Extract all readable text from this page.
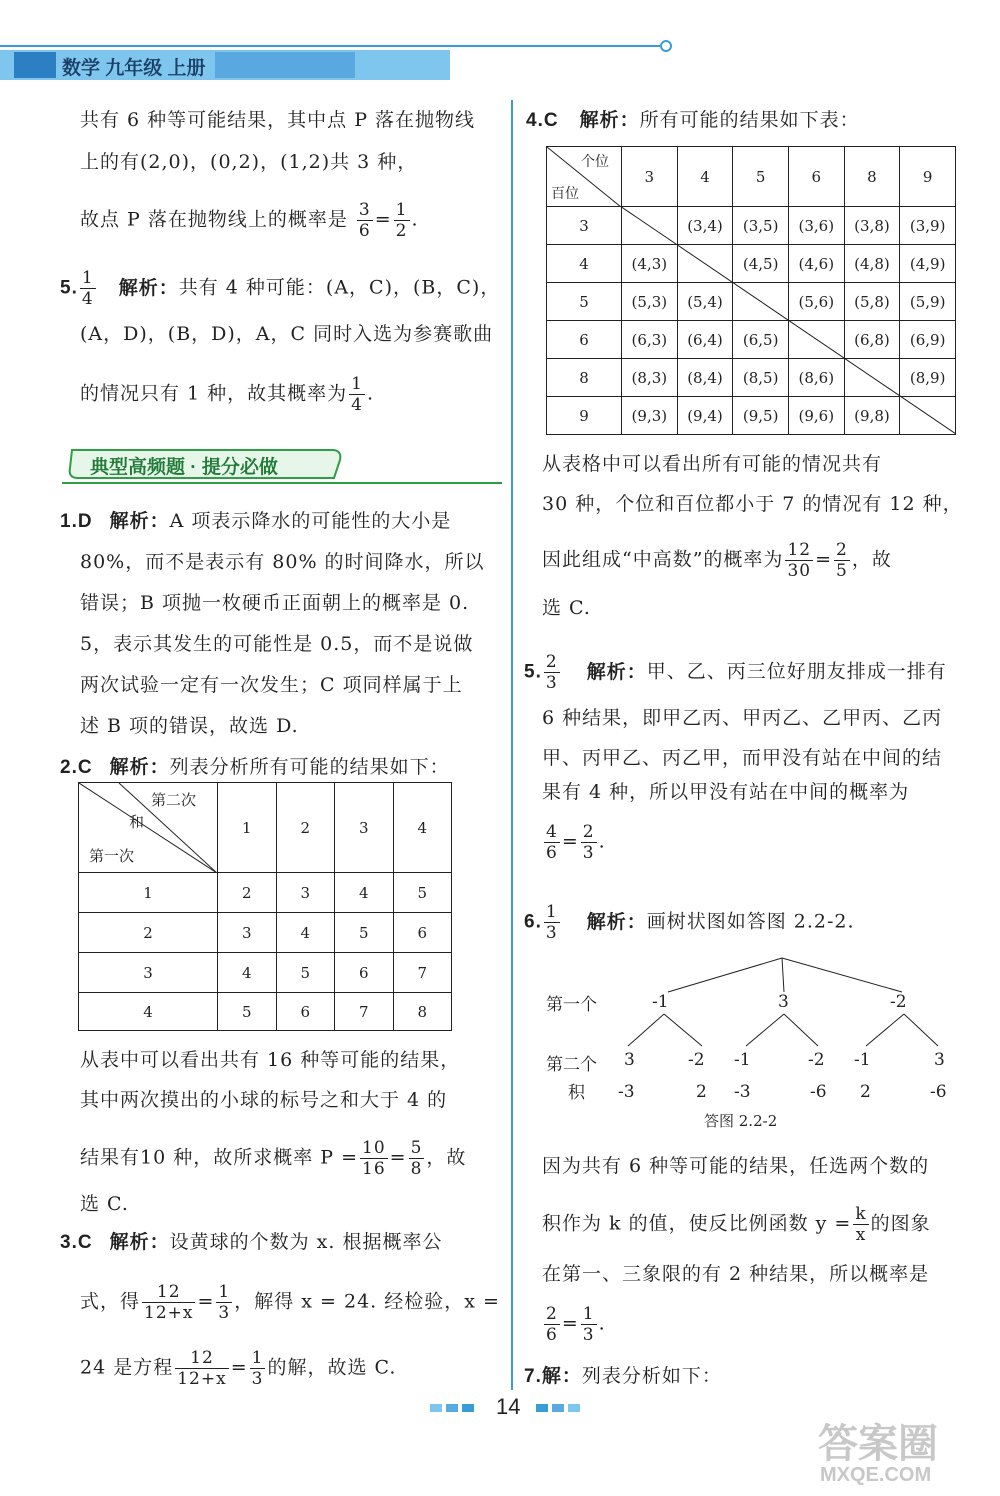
数学 九年级 上册
共有 6 种等可能结果，其中点 P 落在抛物线
上的有(2,0)，(0,2)，(1,2)共 3 种，
故点 P 落在抛物线上的概率是 $\frac{3}{6} = \frac{1}{2}$ .
5. $\frac{1}{4}$ 解析：共有 4 种可能：(A，C)，(B，C)，
(A，D)，(B，D)，A，C 同时入选为参赛歌曲
的情况只有 1 种，故其概率为 $\frac{1}{4}$ .
典型高频题 · 提分必做
1.D 解析：A 项表示降水的可能性的大小是
80%，而不是表示有 80% 的时间降水，所以
错误；B 项抛一枚硬币正面朝上的概率是 0.
5，表示其发生的可能性是 0.5，而不是说做
两次试验一定有一次发生；C 项同样属于上
述 B 项的错误，故选 D.
2.C 解析：列表分析所有可能的结果如下：
第二次
和
第一次	1	2	3	4
1	2	3	4	5
2	3	4	5	6
3	4	5	6	7
4	5	6	7	8
从表中可以看出共有 16 种等可能的结果，
其中两次摸出的小球的标号之和大于 4 的
结果有10 种，故所求概率 $P = \frac{10}{16} = \frac{5}{8}$ ，故
选 C.
3.C 解析：设黄球的个数为 x. 根据概率公
式，得 $\frac{12}{12+x} = \frac{1}{3}$ ，解得 x = 24. 经检验，x =
24 是方程 $\frac{12}{12+x} = \frac{1}{3}$ 的解，故选 C.
4.C 解析：所有可能的结果如下表：
个位
百位	3	4	5	6	8	9
3		(3,4)	(3,5)	(3,6)	(3,8)	(3,9)
4	(4,3)		(4,5)	(4,6)	(4,8)	(4,9)
5	(5,3)	(5,4)		(5,6)	(5,8)	(5,9)
6	(6,3)	(6,4)	(6,5)		(6,8)	(6,9)
8	(8,3)	(8,4)	(8,5)	(8,6)		(8,9)
9	(9,3)	(9,4)	(9,5)	(9,6)	(9,8)	
从表格中可以看出所有可能的情况共有
30 种，个位和百位都小于 7 的情况有 12 种，
因此组成“中高数”的概率为 $\frac{12}{30} = \frac{2}{5}$ ，故
选 C.
5. $\frac{2}{3}$ 解析：甲、乙、丙三位好朋友排成一排有
6 种结果，即甲乙丙、甲丙乙、乙甲丙、乙丙
甲、丙甲乙、丙乙甲，而甲没有站在中间的结
果有 4 种，所以甲没有站在中间的概率为
$\frac{4}{6} = \frac{2}{3}$ .
6. $\frac{1}{3}$ 解析：画树状图如答图 2.2-2.
第一个
第二个
积
-1	3	-2
3	-2 -1	-2 -1	3
-3	2 -3	-6 2	-6
答图 2.2-2
因为共有 6 种等可能的结果，任选两个数的
积作为 k 的值，使反比例函数 $y = \frac{k}{x}$ 的图象
在第一、三象限的有 2 种结果，所以概率是
$\frac{2}{6} = \frac{1}{3}$ .
7.解：列表分析如下：
14
答案圈
MXQE.COM
